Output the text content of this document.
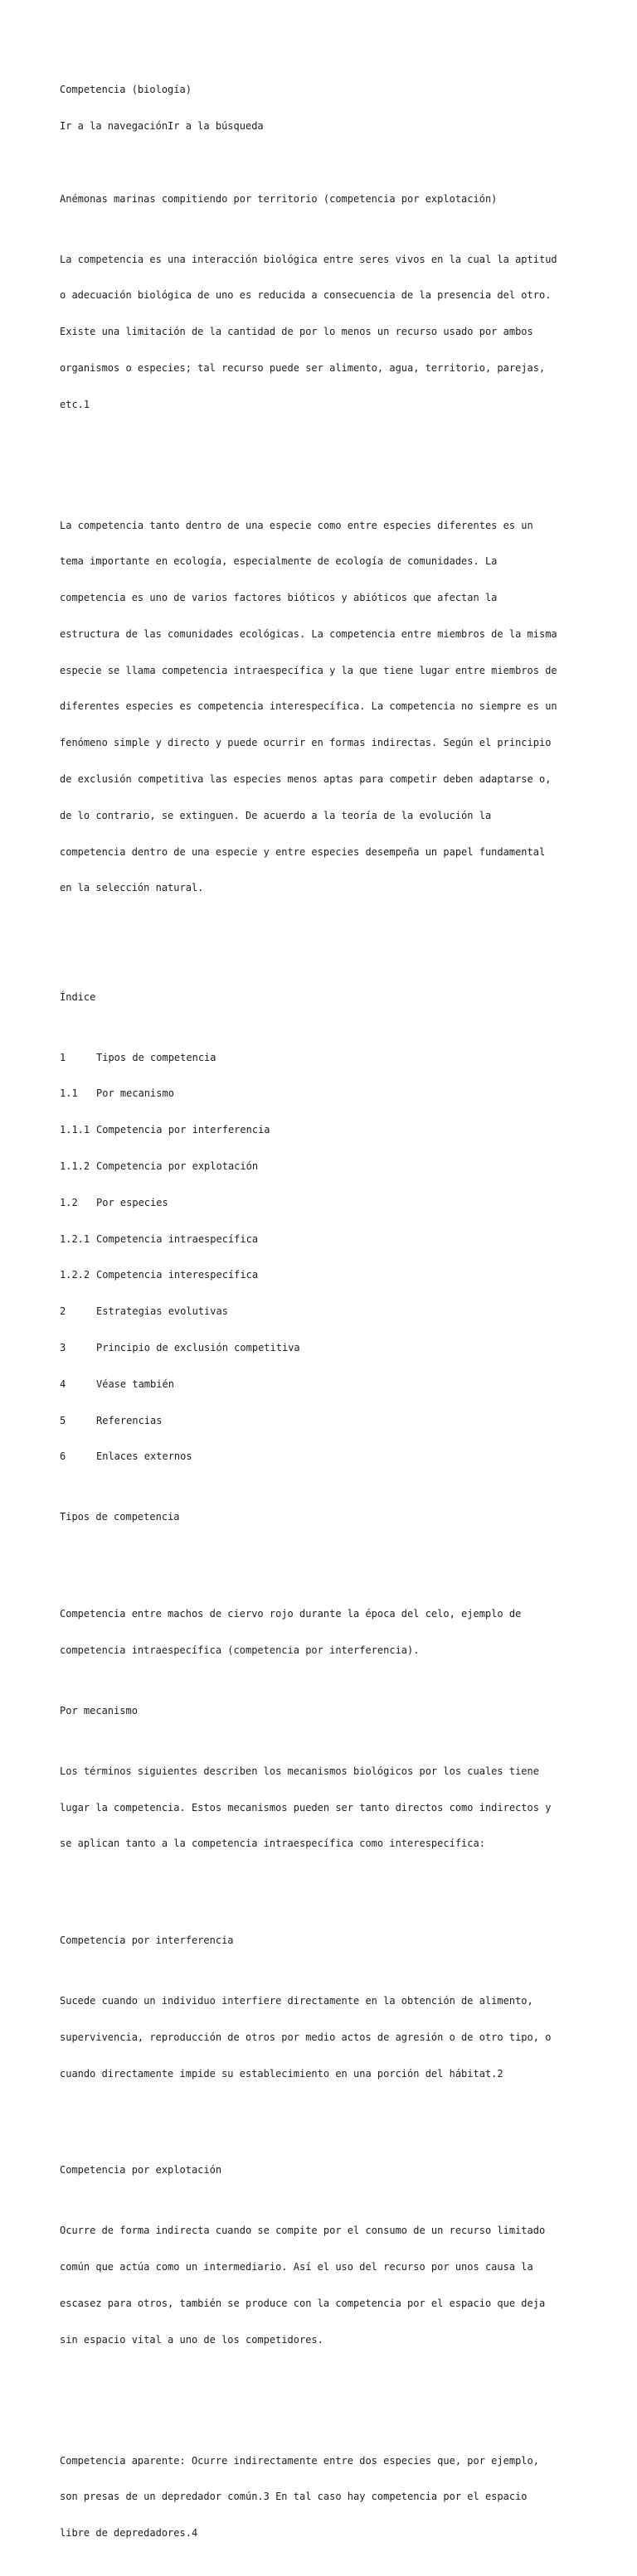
Competencia (biología)

Ir a la navegaciónIr a la búsqueda

Anémonas marinas compitiendo por territorio (competencia por explotación)

La competencia es una interacción biológica entre seres vivos en la cual la aptitud

o adecuación biológica de uno es reducida a consecuencia de la presencia del otro.

Existe una limitación de la cantidad de por lo menos un recurso usado por ambos

organismos o especies; tal recurso puede ser alimento, agua, territorio, parejas,

etc.1

La competencia tanto dentro de una especie como entre especies diferentes es un

tema importante en ecología, especialmente de ecología de comunidades. La

competencia es uno de varios factores bióticos y abióticos que afectan la

estructura de las comunidades ecológicas. La competencia entre miembros de la misma

especie se llama competencia intraespecífica y la que tiene lugar entre miembros de

diferentes especies es competencia interespecífica. La competencia no siempre es un

fenómeno simple y directo y puede ocurrir en formas indirectas. Según el principio

de exclusión competitiva las especies menos aptas para competir deben adaptarse o,

de lo contrario, se extinguen. De acuerdo a la teoría de la evolución la

competencia dentro de una especie y entre especies desempeña un papel fundamental

en la selección natural.

Índice

1	Tipos de competencia

1.1	Por mecanismo

1.1.1 Competencia por interferencia

1.1.2 Competencia por explotación

1.2	Por especies

1.2.1 Competencia intraespecífica

1.2.2 Competencia interespecífica

2	Estrategias evolutivas

3	Principio de exclusión competitiva

4	Véase también

5	Referencias

6	Enlaces externos

Tipos de competencia

Competencia entre machos de ciervo rojo durante la época del celo, ejemplo de

competencia intraespecífica (competencia por interferencia).

Por mecanismo

Los términos siguientes describen los mecanismos biológicos por los cuales tiene

lugar la competencia. Estos mecanismos pueden ser tanto directos como indirectos y

se aplican tanto a la competencia intraespecífica como interespecífica:

Competencia por interferencia

Sucede cuando un individuo interfiere directamente en la obtención de alimento,

supervivencia, reproducción de otros por medio actos de agresión o de otro tipo, o

cuando directamente impide su establecimiento en una porción del hábitat.2

Competencia por explotación

Ocurre de forma indirecta cuando se compite por el consumo de un recurso limitado

común que actúa como un intermediario. Así el uso del recurso por unos causa la

escasez para otros, también se produce con la competencia por el espacio que deja

sin espacio vital a uno de los competidores.

Competencia aparente: Ocurre indirectamente entre dos especies que, por ejemplo,

son presas de un depredador común.3 En tal caso hay competencia por el espacio

libre de depredadores.4
